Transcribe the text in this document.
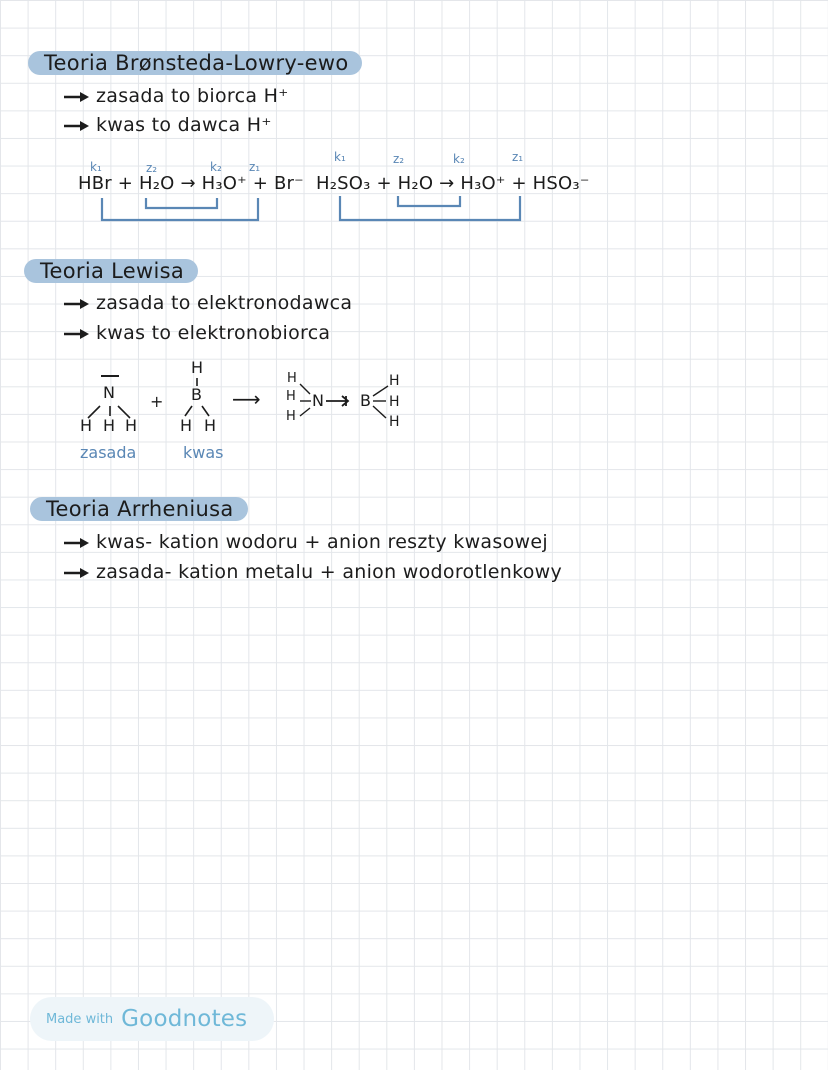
Teoria Brønsteda-Lowry-ewo
zasada to biorca H⁺
kwas to dawca H⁺
k₁	z₂	k₂ z₁
HBr + H₂O → H₃O⁺ + Br⁻
k₁	z₂	k₂	z₁
H₂SO₃ + H₂O → H₃O⁺ + HSO₃⁻
Teoria Lewisa
zasada to elektronodawca
kwas to elektronobiorca
N
H H H
+
H
B
H H
⟶
H
H
H
N B
H
H
H
zasada	kwas
Teoria Arrheniusa
kwas- kation wodoru + anion reszty kwasowej
zasada- kation metalu + anion wodorotlenkowy
Made with Goodnotes
